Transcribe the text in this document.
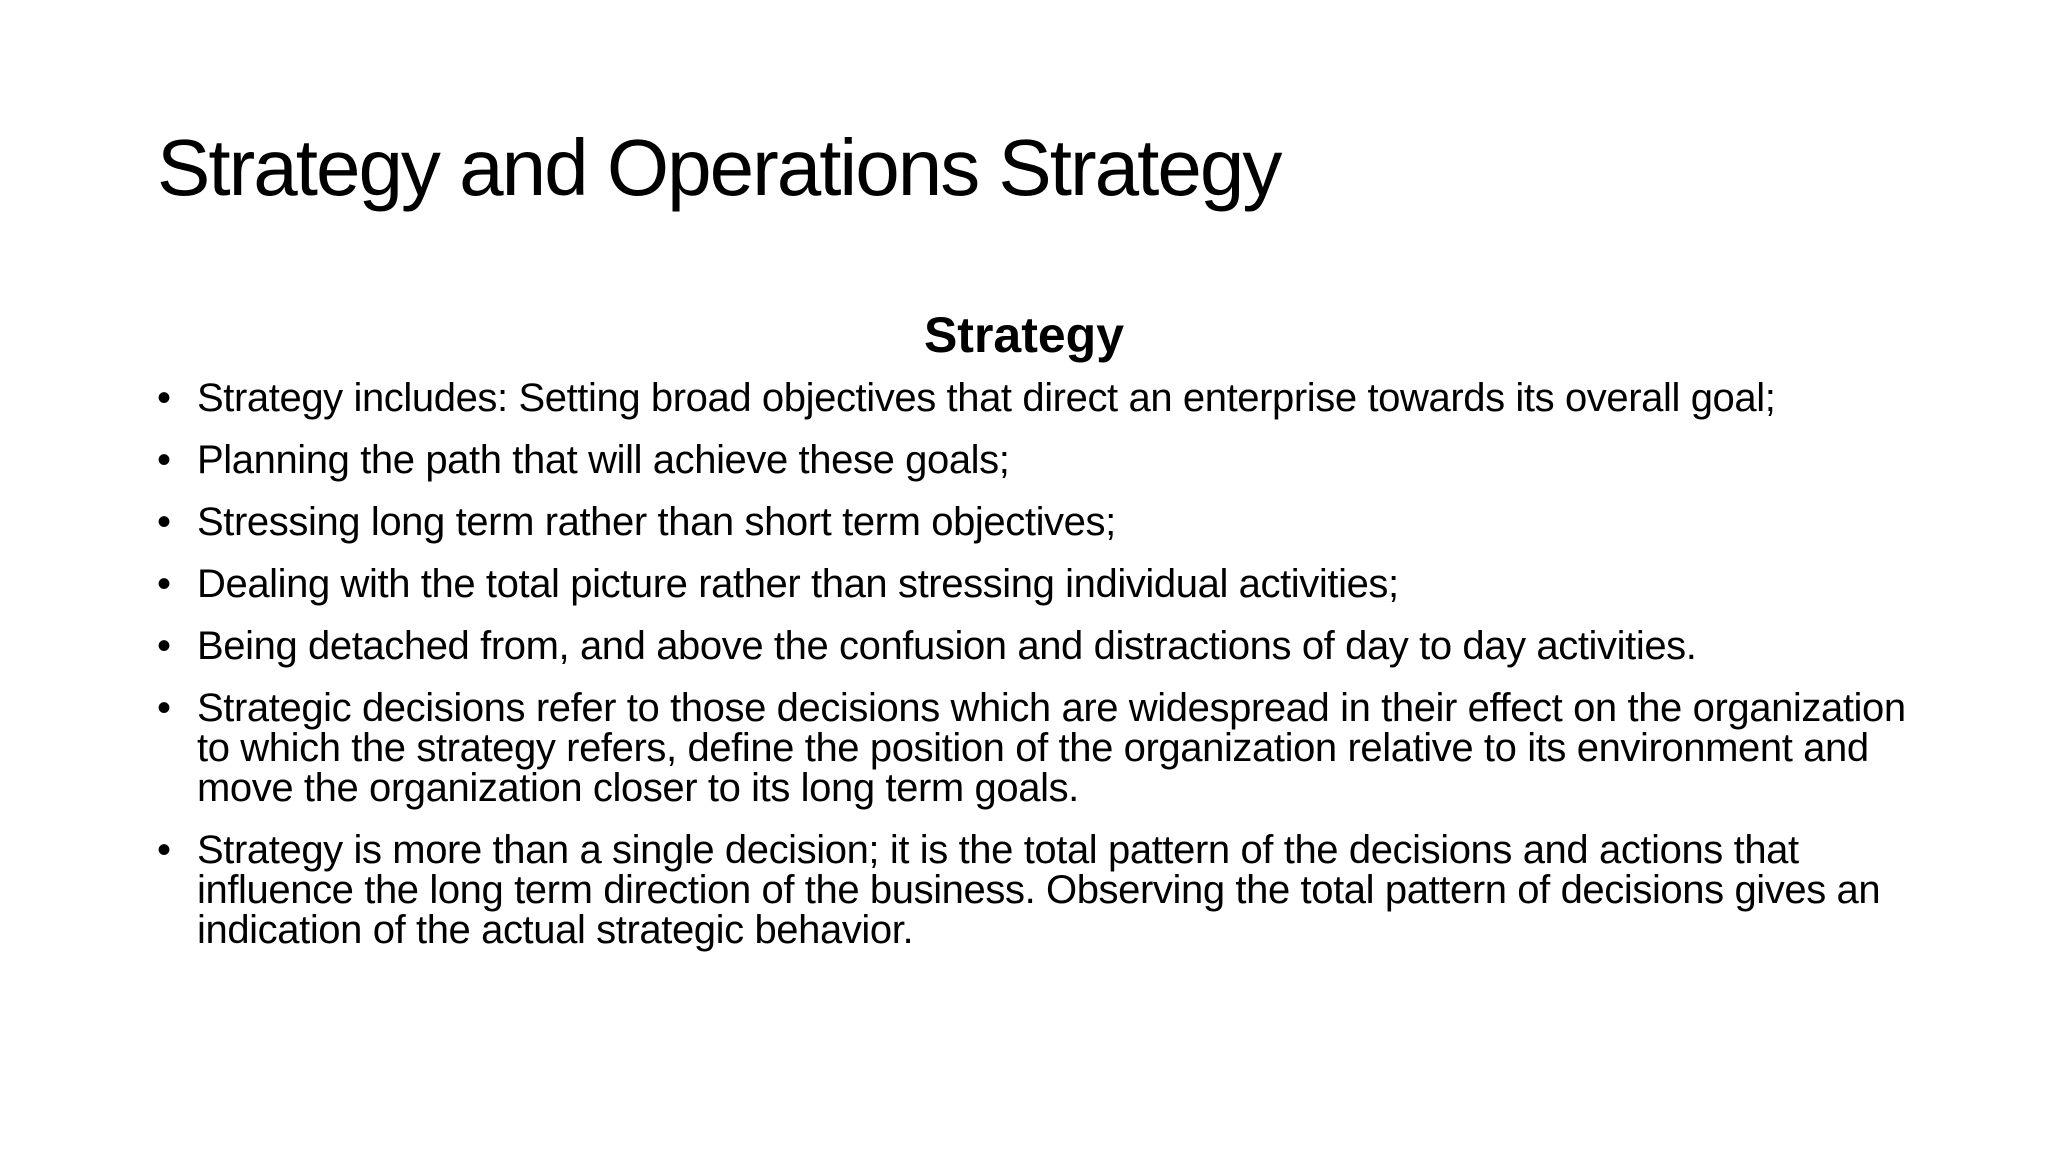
Strategy and Operations Strategy
Strategy
• Strategy includes: Setting broad objectives that direct an enterprise towards its overall goal;
• Planning the path that will achieve these goals;
• Stressing long term rather than short term objectives;
• Dealing with the total picture rather than stressing individual activities;
• Being detached from, and above the confusion and distractions of day to day activities.
• Strategic decisions refer to those decisions which are widespread in their effect on the organization to which the strategy refers, define the position of the organization relative to its environment and move the organization closer to its long term goals.
• Strategy is more than a single decision; it is the total pattern of the decisions and actions that influence the long term direction of the business. Observing the total pattern of decisions gives an indication of the actual strategic behavior.
